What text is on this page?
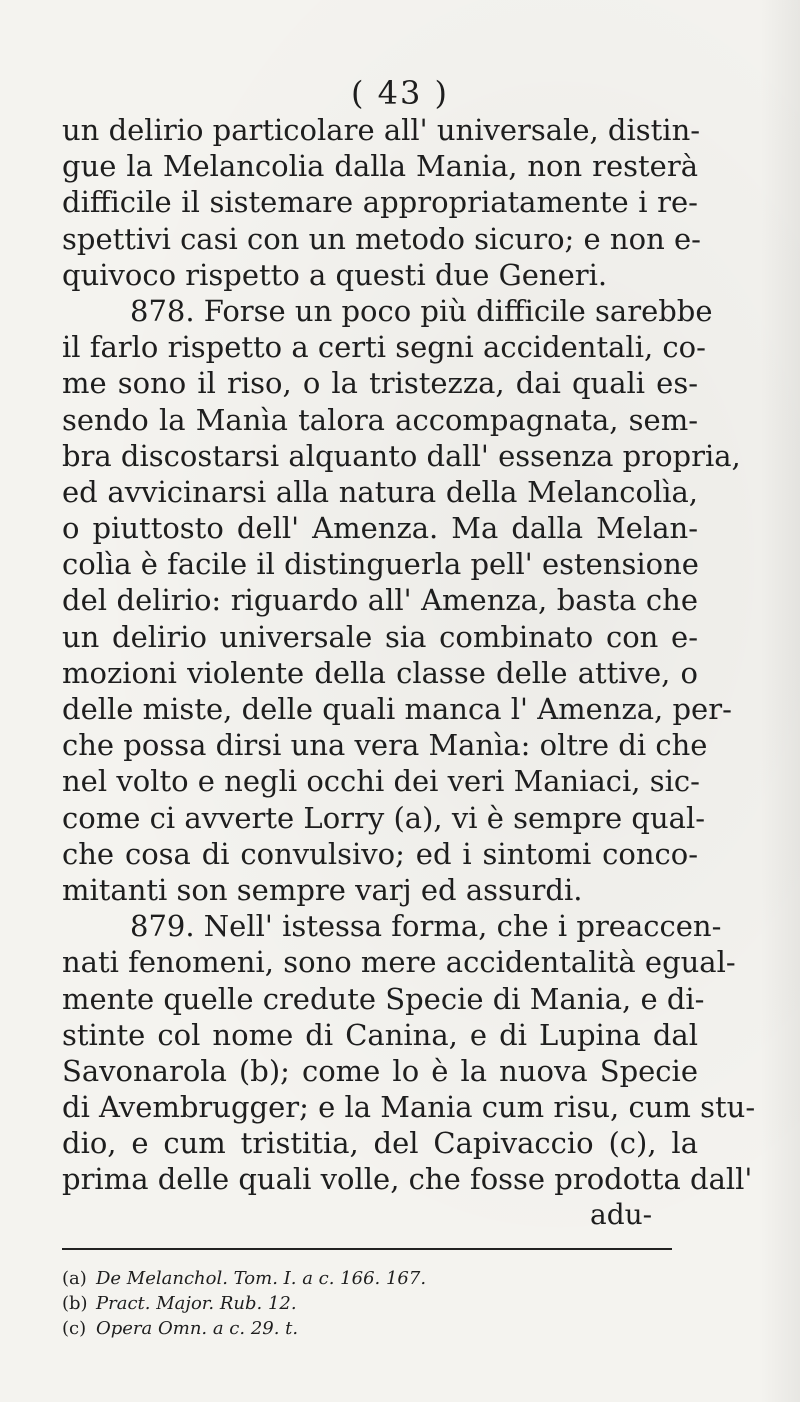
( 43 )
un delirio particolare all' universale, distin-
gue la Melancolia dalla Mania, non resterà
difficile il sistemare appropriatamente i re-
spettivi casi con un metodo sicuro; e non e-
quivoco rispetto a questi due Generi.
878. Forse un poco più difficile sarebbe
il farlo rispetto a certi segni accidentali, co-
me sono il riso, o la tristezza, dai quali es-
sendo la Manìa talora accompagnata, sem-
bra discostarsi alquanto dall' essenza propria,
ed avvicinarsi alla natura della Melancolìa,
o piuttosto dell' Amenza. Ma dalla Melan-
colìa è facile il distinguerla pell' estensione
del delirio: riguardo all' Amenza, basta che
un delirio universale sia combinato con e-
mozioni violente della classe delle attive, o
delle miste, delle quali manca l' Amenza, per-
che possa dirsi una vera Manìa: oltre di che
nel volto e negli occhi dei veri Maniaci, sic-
come ci avverte Lorry (a), vi è sempre qual-
che cosa di convulsivo; ed i sintomi conco-
mitanti son sempre varj ed assurdi.
879. Nell' istessa forma, che i preaccen-
nati fenomeni, sono mere accidentalità egual-
mente quelle credute Specie di Mania, e di-
stinte col nome di Canina, e di Lupina dal
Savonarola (b); come lo è la nuova Specie
di Avembrugger; e la Mania cum risu, cum stu-
dio, e cum tristitia, del Capivaccio (c), la
prima delle quali volle, che fosse prodotta dall'
adu-
(a) De Melanchol. Tom. I. a c. 166. 167.
(b) Pract. Major. Rub. 12.
(c) Opera Omn. a c. 29. t.
